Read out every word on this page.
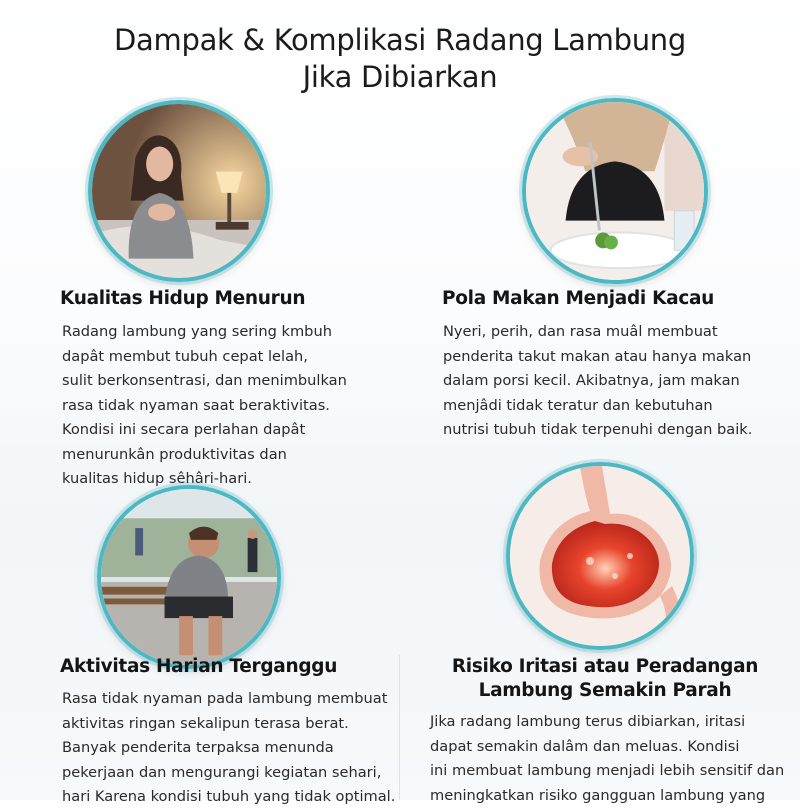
Dampak & Komplikasi Radang Lambung
Jika Dibiarkan
Kualitas Hidup Menurun
Radang lambung yang sering kmbuh
dapât membut tubuh cepat lelah,
sulit berkonsentrasi, dan menimbulkan
rasa tidak nyaman saat beraktivitas.
Kondisi ini secara perlahan dapât
menurunkân produktivitas dan
kualitas hidup sêhâri-hari.
Pola Makan Menjadi Kacau
Nyeri, perih, dan rasa muâl membuat
penderita takut makan atau hanya makan
dalam porsi kecil. Akibatnya, jam makan
menjâdi tidak teratur dan kebutuhan
nutrisi tubuh tidak terpenuhi dengan baik.
Aktivitas Harian Terganggu
Rasa tidak nyaman pada lambung membuat
aktivitas ringan sekalipun terasa berat.
Banyak penderita terpaksa menunda
pekerjaan dan mengurangi kegiatan sehari,
hari Karena kondisi tubuh yang tidak optimal.
Risiko Iritasi atau Peradangan
Lambung Semakin Parah
Jika radang lambung terus dibiarkan, iritasi
dapat semakin dalâm dan meluas. Kondisi
ini membuat lambung menjadi lebih sensitif dan
meningkatkan risiko gangguan lambung yang
